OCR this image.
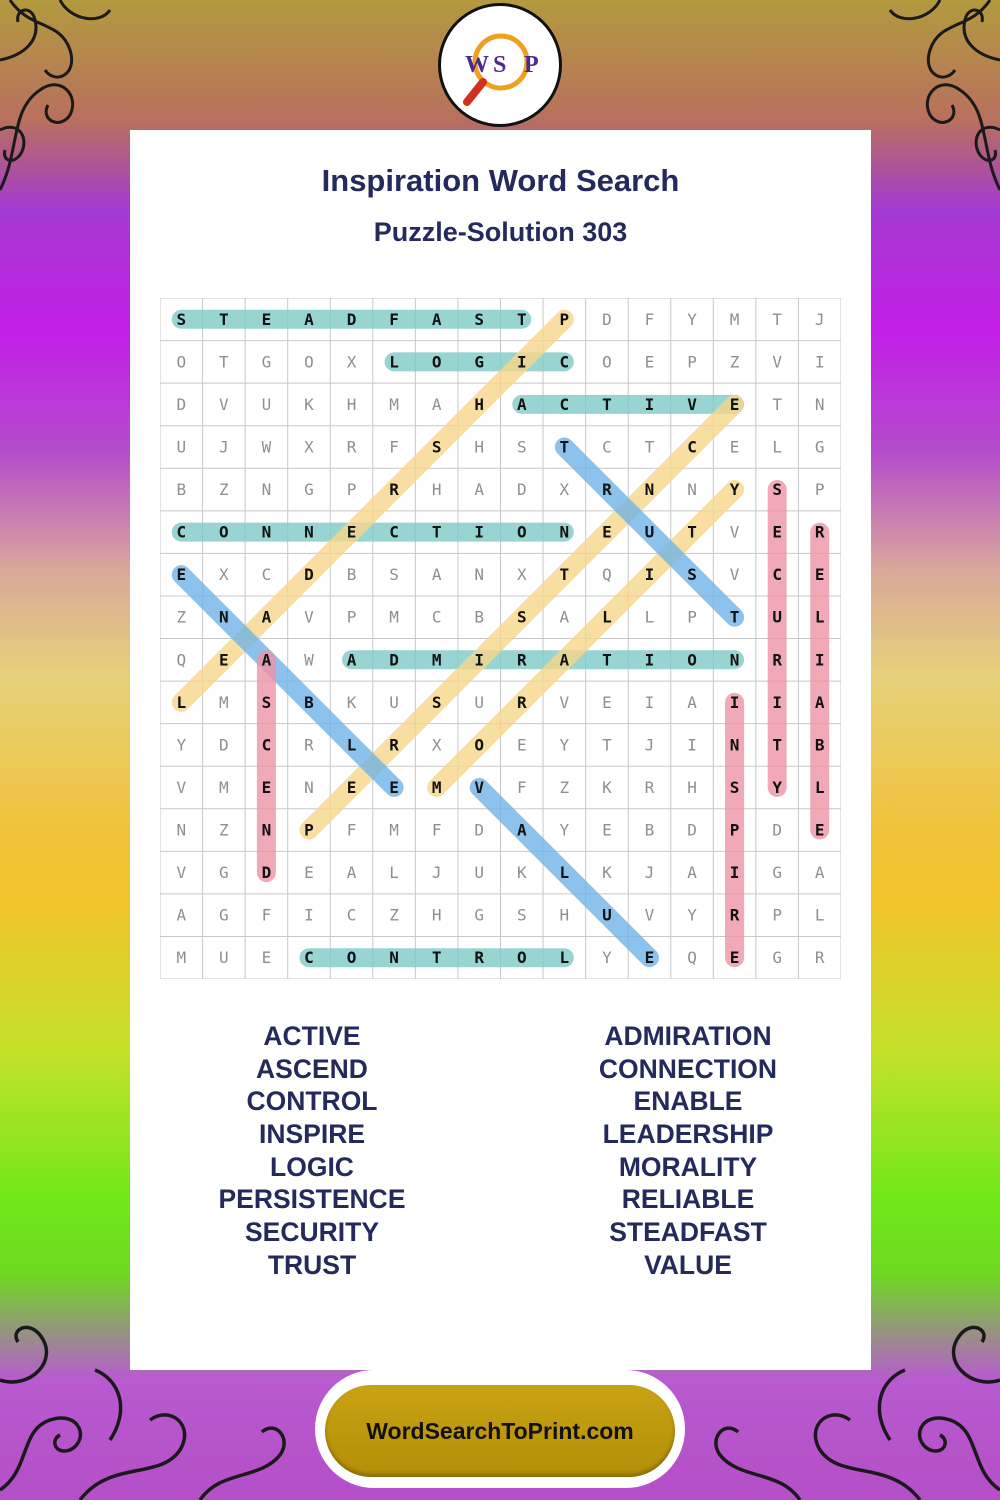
W S P
Inspiration Word Search
Puzzle-Solution 303
S T E A D F A S T P D F Y M T J
O T G O X L O G I C O E P Z V I
D V U K H M A H A C T I V E T N
U J W X R F S H S T C T C E L G
B Z N G P R H A D X R N N Y S P
C O N N E C T I O N E U T V E R
E X C D B S A N X T Q I S V C E
Z N A V P M C B S A L L P T U L
Q E A W A D M I R A T I O N R I
L M S B K U S U R V E I A I I A
Y D C R L R X O E Y T J I N T B
V M E N E E M V F Z K R H S Y L
N Z N P F M F D A Y E B D P D E
V G D E A L J U K L K J A I G A
A G F I C Z H G S H U V Y R P L
M U E C O N T R O L Y E Q E G R
ACTIVE
ASCEND
CONTROL
INSPIRE
LOGIC
PERSISTENCE
SECURITY
TRUST
ADMIRATION
CONNECTION
ENABLE
LEADERSHIP
MORALITY
RELIABLE
STEADFAST
VALUE
WordSearchToPrint.com
